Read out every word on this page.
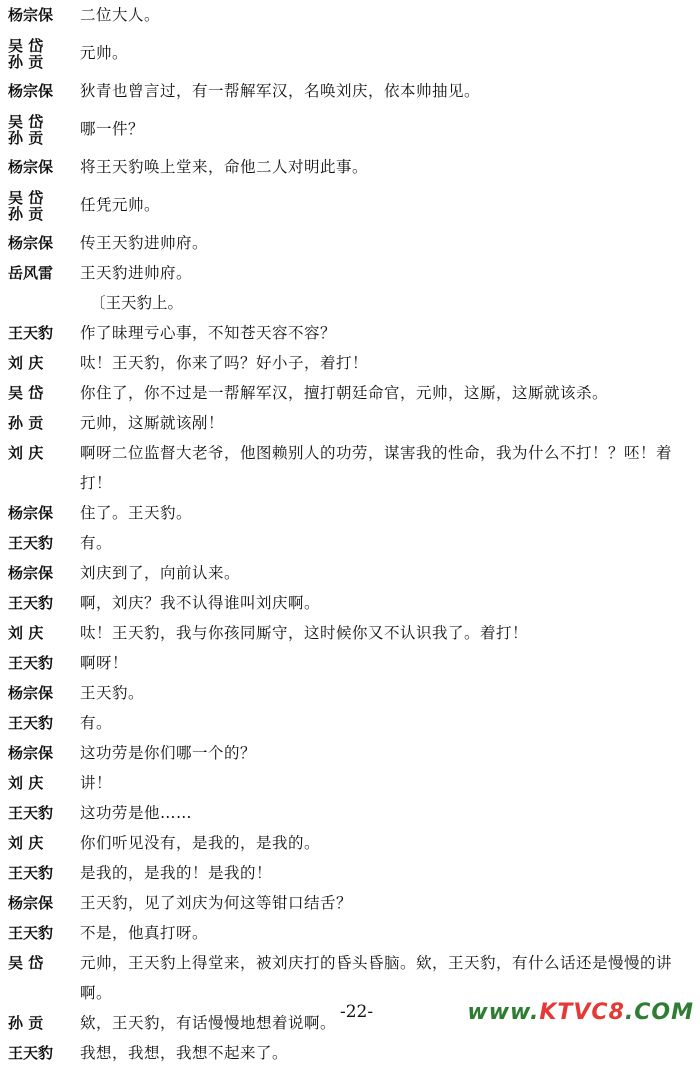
杨宗保	二位大人。
吴 岱
孙 贡	元帅。
杨宗保	狄青也曾言过，有一帮解军汉，名唤刘庆，依本帅抽见。
吴 岱
孙 贡	哪一件？
杨宗保	将王天豹唤上堂来，命他二人对明此事。
吴 岱
孙 贡	任凭元帅。
杨宗保	传王天豹进帅府。
岳风雷	王天豹进帅府。
〔王天豹上。
王天豹	作了昧理亏心事，不知苍天容不容？
刘 庆	呔！王天豹，你来了吗？好小子，着打！
吴 岱	你住了，你不过是一帮解军汉，擅打朝廷命官，元帅，这厮，这厮就该杀。
孙 贡	元帅，这厮就该剐！
刘 庆	啊呀二位监督大老爷，他图赖别人的功劳，谋害我的性命，我为什么不打！？呸！着打！
杨宗保	住了。王天豹。
王天豹	有。
杨宗保	刘庆到了，向前认来。
王天豹	啊，刘庆？我不认得谁叫刘庆啊。
刘 庆	呔！王天豹，我与你孩同厮守，这时候你又不认识我了。着打！
王天豹	啊呀！
杨宗保	王天豹。
王天豹	有。
杨宗保	这功劳是你们哪一个的？
刘 庆	讲！
王天豹	这功劳是他……
刘 庆	你们听见没有，是我的，是我的。
王天豹	是我的，是我的！是我的！
杨宗保	王天豹，见了刘庆为何这等钳口结舌？
王天豹	不是，他真打呀。
吴 岱	元帅，王天豹上得堂来，被刘庆打的昏头昏脑。欸，王天豹，有什么话还是慢慢的讲啊。
孙 贡	欸，王天豹，有话慢慢地想着说啊。
王天豹	我想，我想，我想不起来了。
-22-	www.KTVC8.COM
